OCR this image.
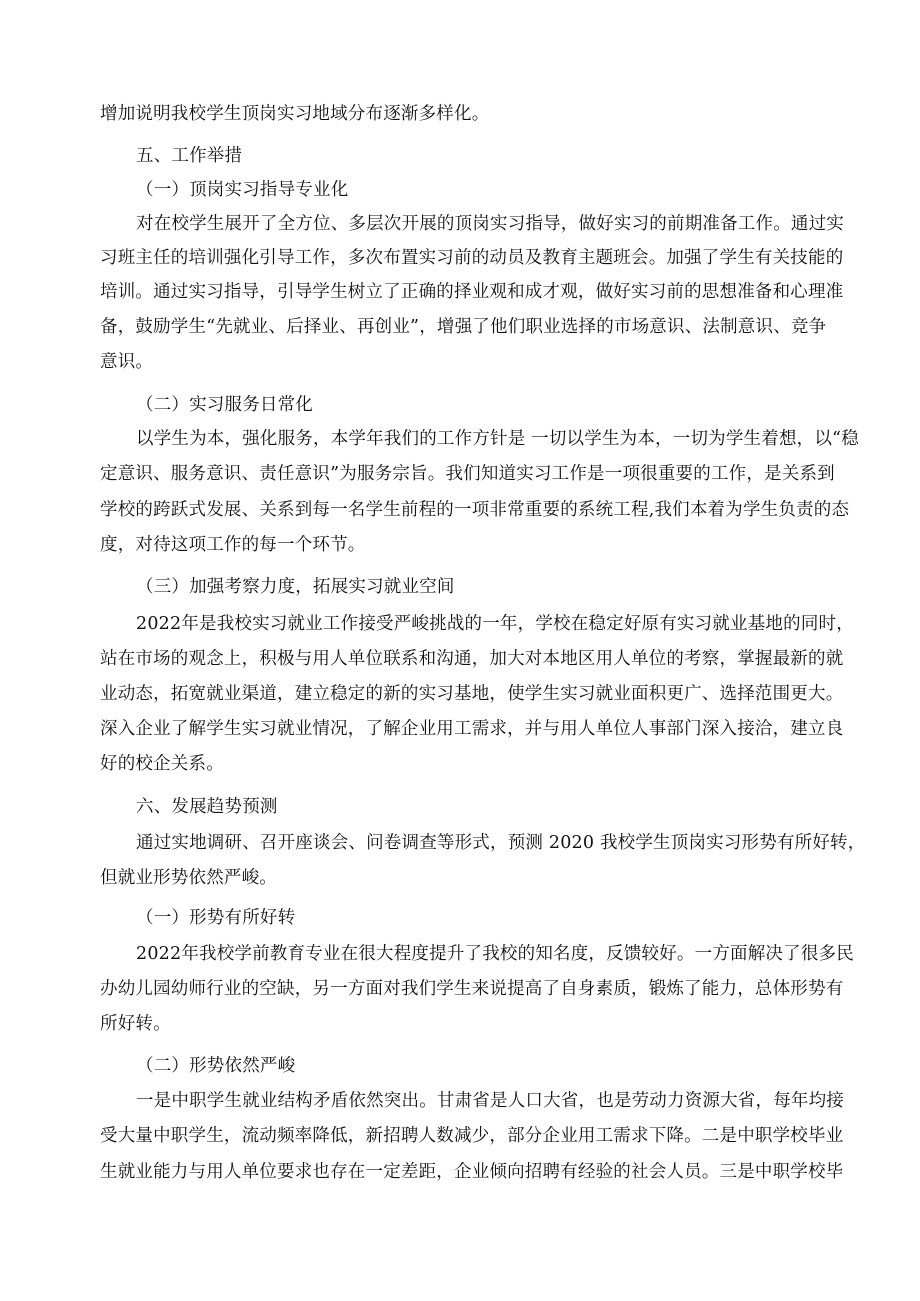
增加说明我校学生顶岗实习地域分布逐渐多样化。
五、工作举措
（一）顶岗实习指导专业化
对在校学生展开了全方位、多层次开展的顶岗实习指导，做好实习的前期准备工作。通过实
习班主任的培训强化引导工作，多次布置实习前的动员及教育主题班会。加强了学生有关技能的
培训。通过实习指导，引导学生树立了正确的择业观和成才观，做好实习前的思想准备和心理准
备，鼓励学生“先就业、后择业、再创业”，增强了他们职业选择的市场意识、法制意识、竞争
意识。
（二）实习服务日常化
以学生为本，强化服务，本学年我们的工作方针是 一切以学生为本，一切为学生着想，以“稳
定意识、服务意识、责任意识”为服务宗旨。我们知道实习工作是一项很重要的工作，是关系到
学校的跨跃式发展、关系到每一名学生前程的一项非常重要的系统工程,我们本着为学生负责的态
度，对待这项工作的每一个环节。
（三）加强考察力度，拓展实习就业空间
2022年是我校实习就业工作接受严峻挑战的一年，学校在稳定好原有实习就业基地的同时，
站在市场的观念上，积极与用人单位联系和沟通，加大对本地区用人单位的考察，掌握最新的就
业动态，拓宽就业渠道，建立稳定的新的实习基地，使学生实习就业面积更广、选择范围更大。
深入企业了解学生实习就业情况，了解企业用工需求，并与用人单位人事部门深入接洽，建立良
好的校企关系。
六、发展趋势预测
通过实地调研、召开座谈会、问卷调查等形式，预测 2020 我校学生顶岗实习形势有所好转，
但就业形势依然严峻。
（一）形势有所好转
2022年我校学前教育专业在很大程度提升了我校的知名度，反馈较好。一方面解决了很多民
办幼儿园幼师行业的空缺，另一方面对我们学生来说提高了自身素质，锻炼了能力，总体形势有
所好转。
（二）形势依然严峻
一是中职学生就业结构矛盾依然突出。甘肃省是人口大省，也是劳动力资源大省，每年均接
受大量中职学生，流动频率降低，新招聘人数减少，部分企业用工需求下降。二是中职学校毕业
生就业能力与用人单位要求也存在一定差距，企业倾向招聘有经验的社会人员。三是中职学校毕
